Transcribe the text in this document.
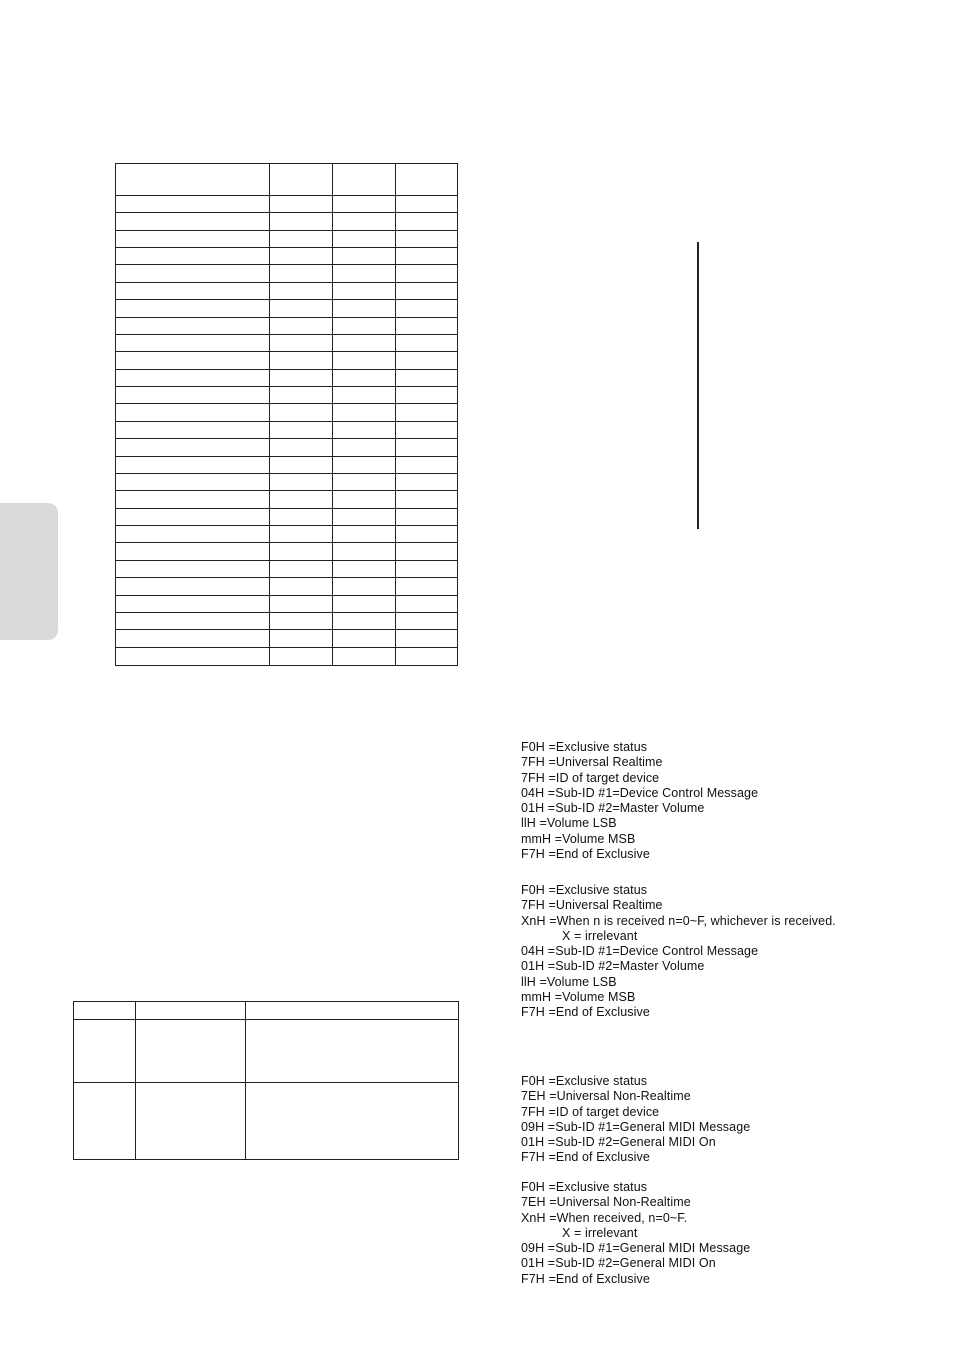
F0H =Exclusive status
7FH =Universal Realtime
7FH =ID of target device
04H =Sub-ID #1=Device Control Message
01H =Sub-ID #2=Master Volume
llH =Volume LSB
mmH =Volume MSB
F7H =End of Exclusive
F0H =Exclusive status
7FH =Universal Realtime
XnH =When n is received n=0~F, whichever is received.
X = irrelevant
04H =Sub-ID #1=Device Control Message
01H =Sub-ID #2=Master Volume
llH =Volume LSB
mmH =Volume MSB
F7H =End of Exclusive
F0H =Exclusive status
7EH =Universal Non-Realtime
7FH =ID of target device
09H =Sub-ID #1=General MIDI Message
01H =Sub-ID #2=General MIDI On
F7H =End of Exclusive
F0H =Exclusive status
7EH =Universal Non-Realtime
XnH =When received, n=0~F.
X = irrelevant
09H =Sub-ID #1=General MIDI Message
01H =Sub-ID #2=General MIDI On
F7H =End of Exclusive
